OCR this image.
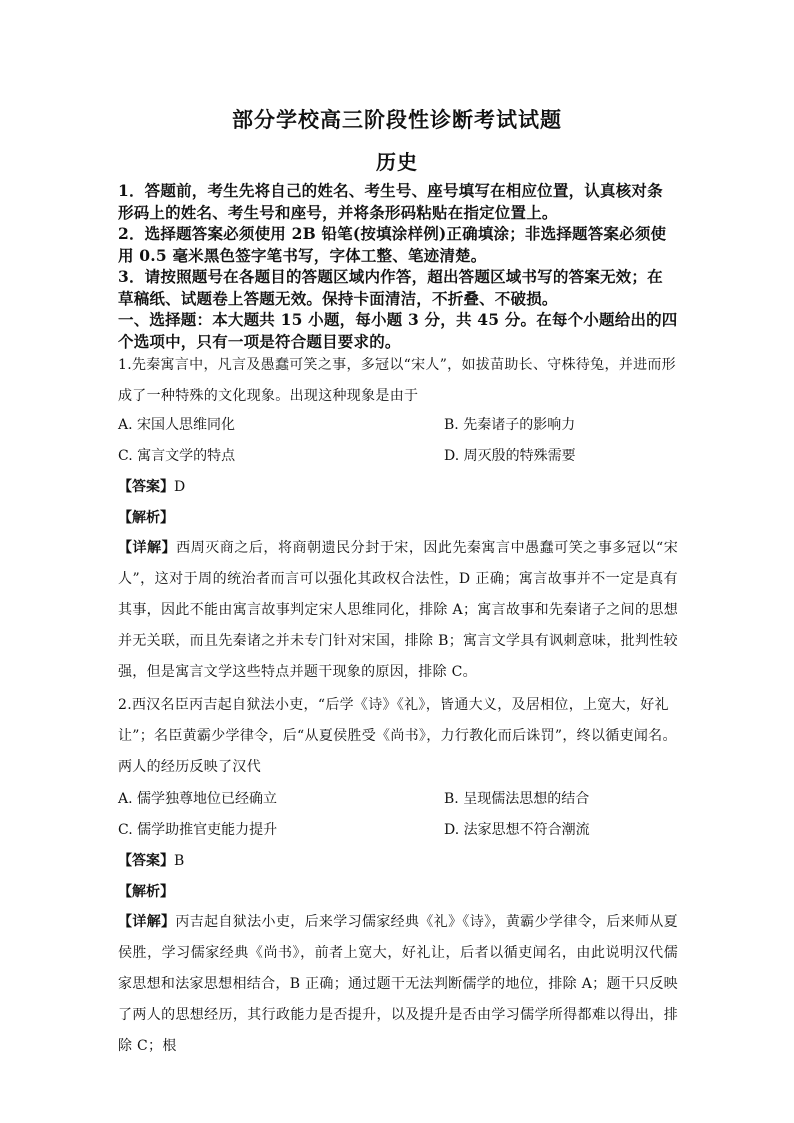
部分学校高三阶段性诊断考试试题
历史
1．答题前，考生先将自己的姓名、考生号、座号填写在相应位置，认真核对条形码上的姓名、考生号和座号，并将条形码粘贴在指定位置上。
2．选择题答案必须使用 2B 铅笔(按填涂样例)正确填涂；非选择题答案必须使用 0.5 毫米黑色签字笔书写，字体工整、笔迹清楚。
3．请按照题号在各题目的答题区域内作答，超出答题区域书写的答案无效；在草稿纸、试题卷上答题无效。保持卡面清洁，不折叠、不破损。
一、选择题：本大题共 15 小题，每小题 3 分，共 45 分。在每个小题给出的四个选项中，只有一项是符合题目要求的。
1.先秦寓言中，凡言及愚蠢可笑之事，多冠以“宋人”，如拔苗助长、守株待兔，并进而形成了一种特殊的文化现象。出现这种现象是由于
A. 宋国人思维同化	B. 先秦诸子的影响力
C. 寓言文学的特点	D. 周灭殷的特殊需要
【答案】D
【解析】
【详解】西周灭商之后，将商朝遗民分封于宋，因此先秦寓言中愚蠢可笑之事多冠以“宋人”，这对于周的统治者而言可以强化其政权合法性，D 正确；寓言故事并不一定是真有其事，因此不能由寓言故事判定宋人思维同化，排除 A；寓言故事和先秦诸子之间的思想并无关联，而且先秦诸之并未专门针对宋国，排除 B；寓言文学具有讽刺意味，批判性较强，但是寓言文学这些特点并题干现象的原因，排除 C。
2.西汉名臣丙吉起自狱法小吏，“后学《诗》《礼》，皆通大义，及居相位，上宽大，好礼让”；名臣黄霸少学律令，后“从夏侯胜受《尚书》，力行教化而后诛罚”，终以循吏闻名。两人的经历反映了汉代
A. 儒学独尊地位已经确立	B. 呈现儒法思想的结合
C. 儒学助推官吏能力提升	D. 法家思想不符合潮流
【答案】B
【解析】
【详解】丙吉起自狱法小吏，后来学习儒家经典《礼》《诗》，黄霸少学律令，后来师从夏侯胜，学习儒家经典《尚书》，前者上宽大，好礼让，后者以循吏闻名，由此说明汉代儒家思想和法家思想相结合，B 正确；通过题干无法判断儒学的地位，排除 A；题干只反映了两人的思想经历，其行政能力是否提升，以及提升是否由学习儒学所得都难以得出，排除 C；根
